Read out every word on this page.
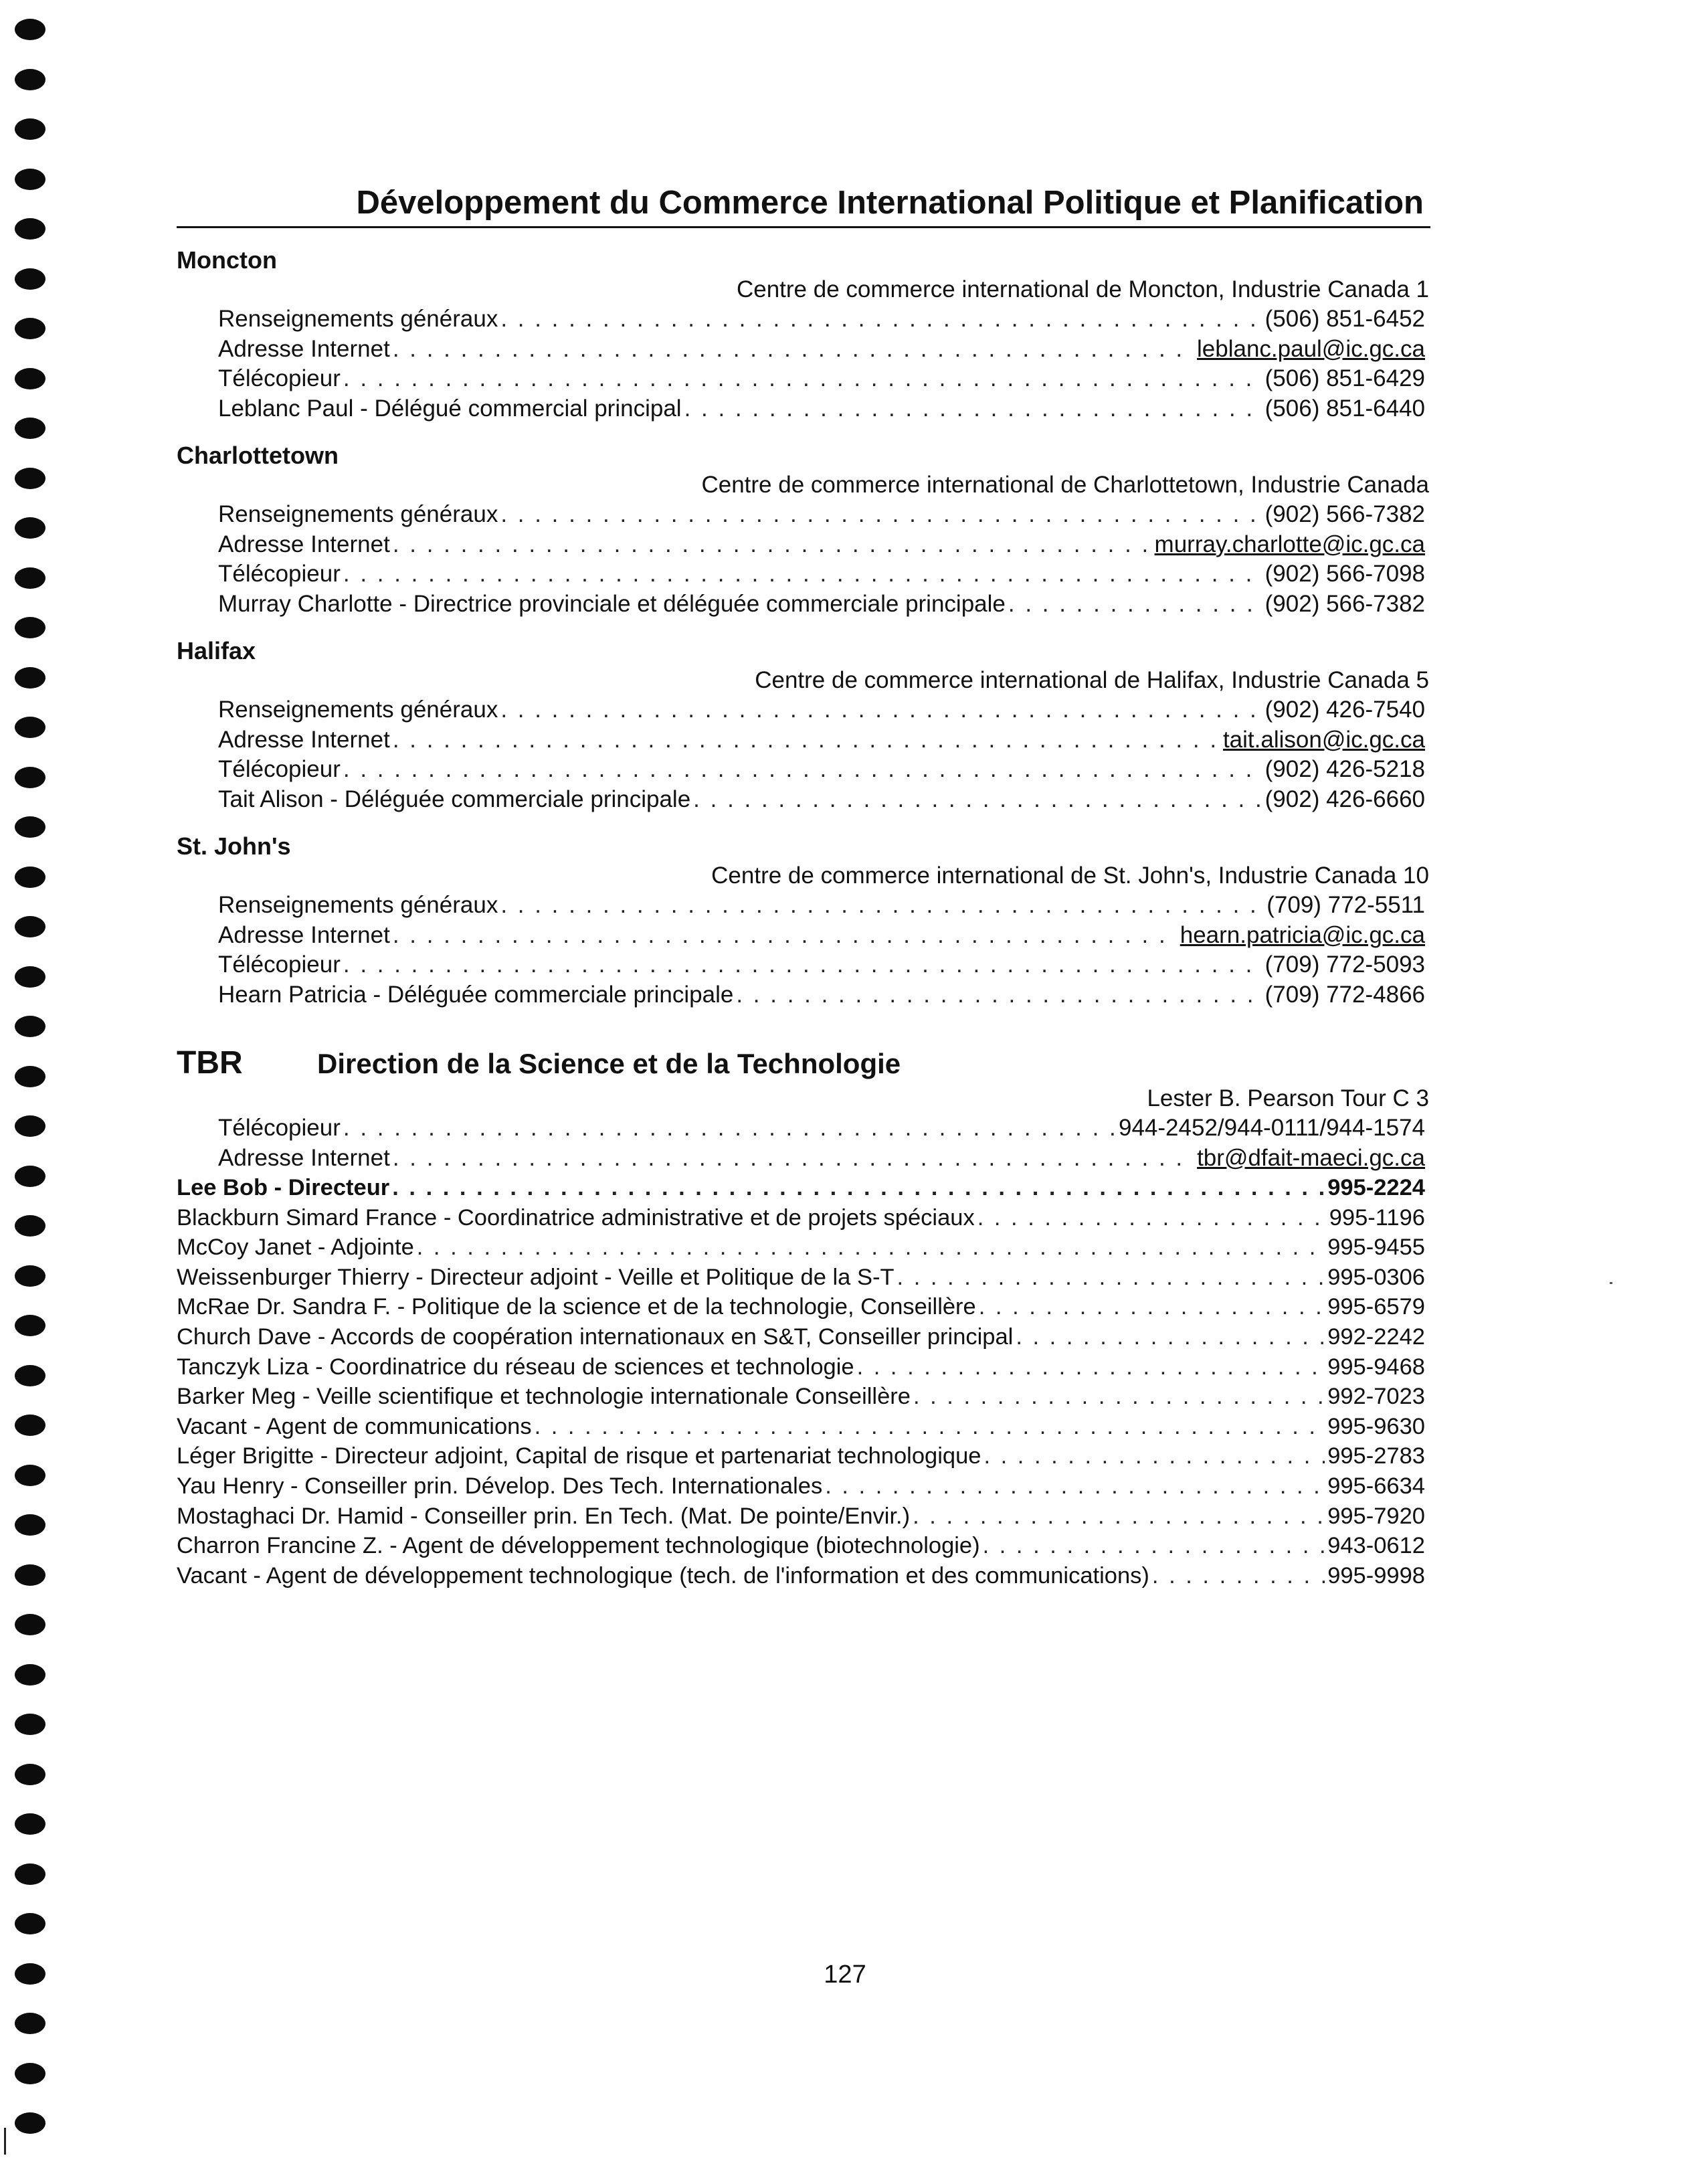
Développement du Commerce International Politique et Planification
Moncton
Centre de commerce international de Moncton, Industrie Canada 1
Renseignements généraux . . .	(506) 851-6452
Adresse Internet . . .	leblanc.paul@ic.gc.ca
Télécopieur . . .	(506) 851-6429
Leblanc Paul - Délégué commercial principal . . .	(506) 851-6440
Charlottetown
Centre de commerce international de Charlottetown, Industrie Canada
Renseignements généraux . . .	(902) 566-7382
Adresse Internet . . .	murray.charlotte@ic.gc.ca
Télécopieur . . .	(902) 566-7098
Murray Charlotte - Directrice provinciale et déléguée commerciale principale . . .	(902) 566-7382
Halifax
Centre de commerce international de Halifax, Industrie Canada 5
Renseignements généraux . . .	(902) 426-7540
Adresse Internet . . .	tait.alison@ic.gc.ca
Télécopieur . . .	(902) 426-5218
Tait Alison - Déléguée commerciale principale . . .	(902) 426-6660
St. John's
Centre de commerce international de St. John's, Industrie Canada 10
Renseignements généraux . . .	(709) 772-5511
Adresse Internet . . .	hearn.patricia@ic.gc.ca
Télécopieur . . .	(709) 772-5093
Hearn Patricia - Déléguée commerciale principale . . .	(709) 772-4866
TBR	Direction de la Science et de la Technologie
Lester B. Pearson Tour C 3
Télécopieur . . .	944-2452/944-0111/944-1574
Adresse Internet . . .	tbr@dfait-maeci.gc.ca
Lee Bob - Directeur . . .	995-2224
Blackburn Simard France - Coordinatrice administrative et de projets spéciaux . . .	995-1196
McCoy Janet - Adjointe . . .	995-9455
Weissenburger Thierry - Directeur adjoint - Veille et Politique de la S-T . . .	995-0306
McRae Dr. Sandra F. - Politique de la science et de la technologie, Conseillère . . .	995-6579
Church Dave - Accords de coopération internationaux en S&T, Conseiller principal . . .	992-2242
Tanczyk Liza - Coordinatrice du réseau de sciences et technologie . . .	995-9468
Barker Meg - Veille scientifique et technologie internationale Conseillère . . .	992-7023
Vacant - Agent de communications . . .	995-9630
Léger Brigitte - Directeur adjoint, Capital de risque et partenariat technologique . . .	995-2783
Yau Henry - Conseiller prin. Dévelop. Des Tech. Internationales . . .	995-6634
Mostaghaci Dr. Hamid - Conseiller prin. En Tech. (Mat. De pointe/Envir.) . . .	995-7920
Charron Francine Z. - Agent de développement technologique (biotechnologie) . . .	943-0612
Vacant - Agent de développement technologique (tech. de l'information et des communications) . . .	995-9998
127
